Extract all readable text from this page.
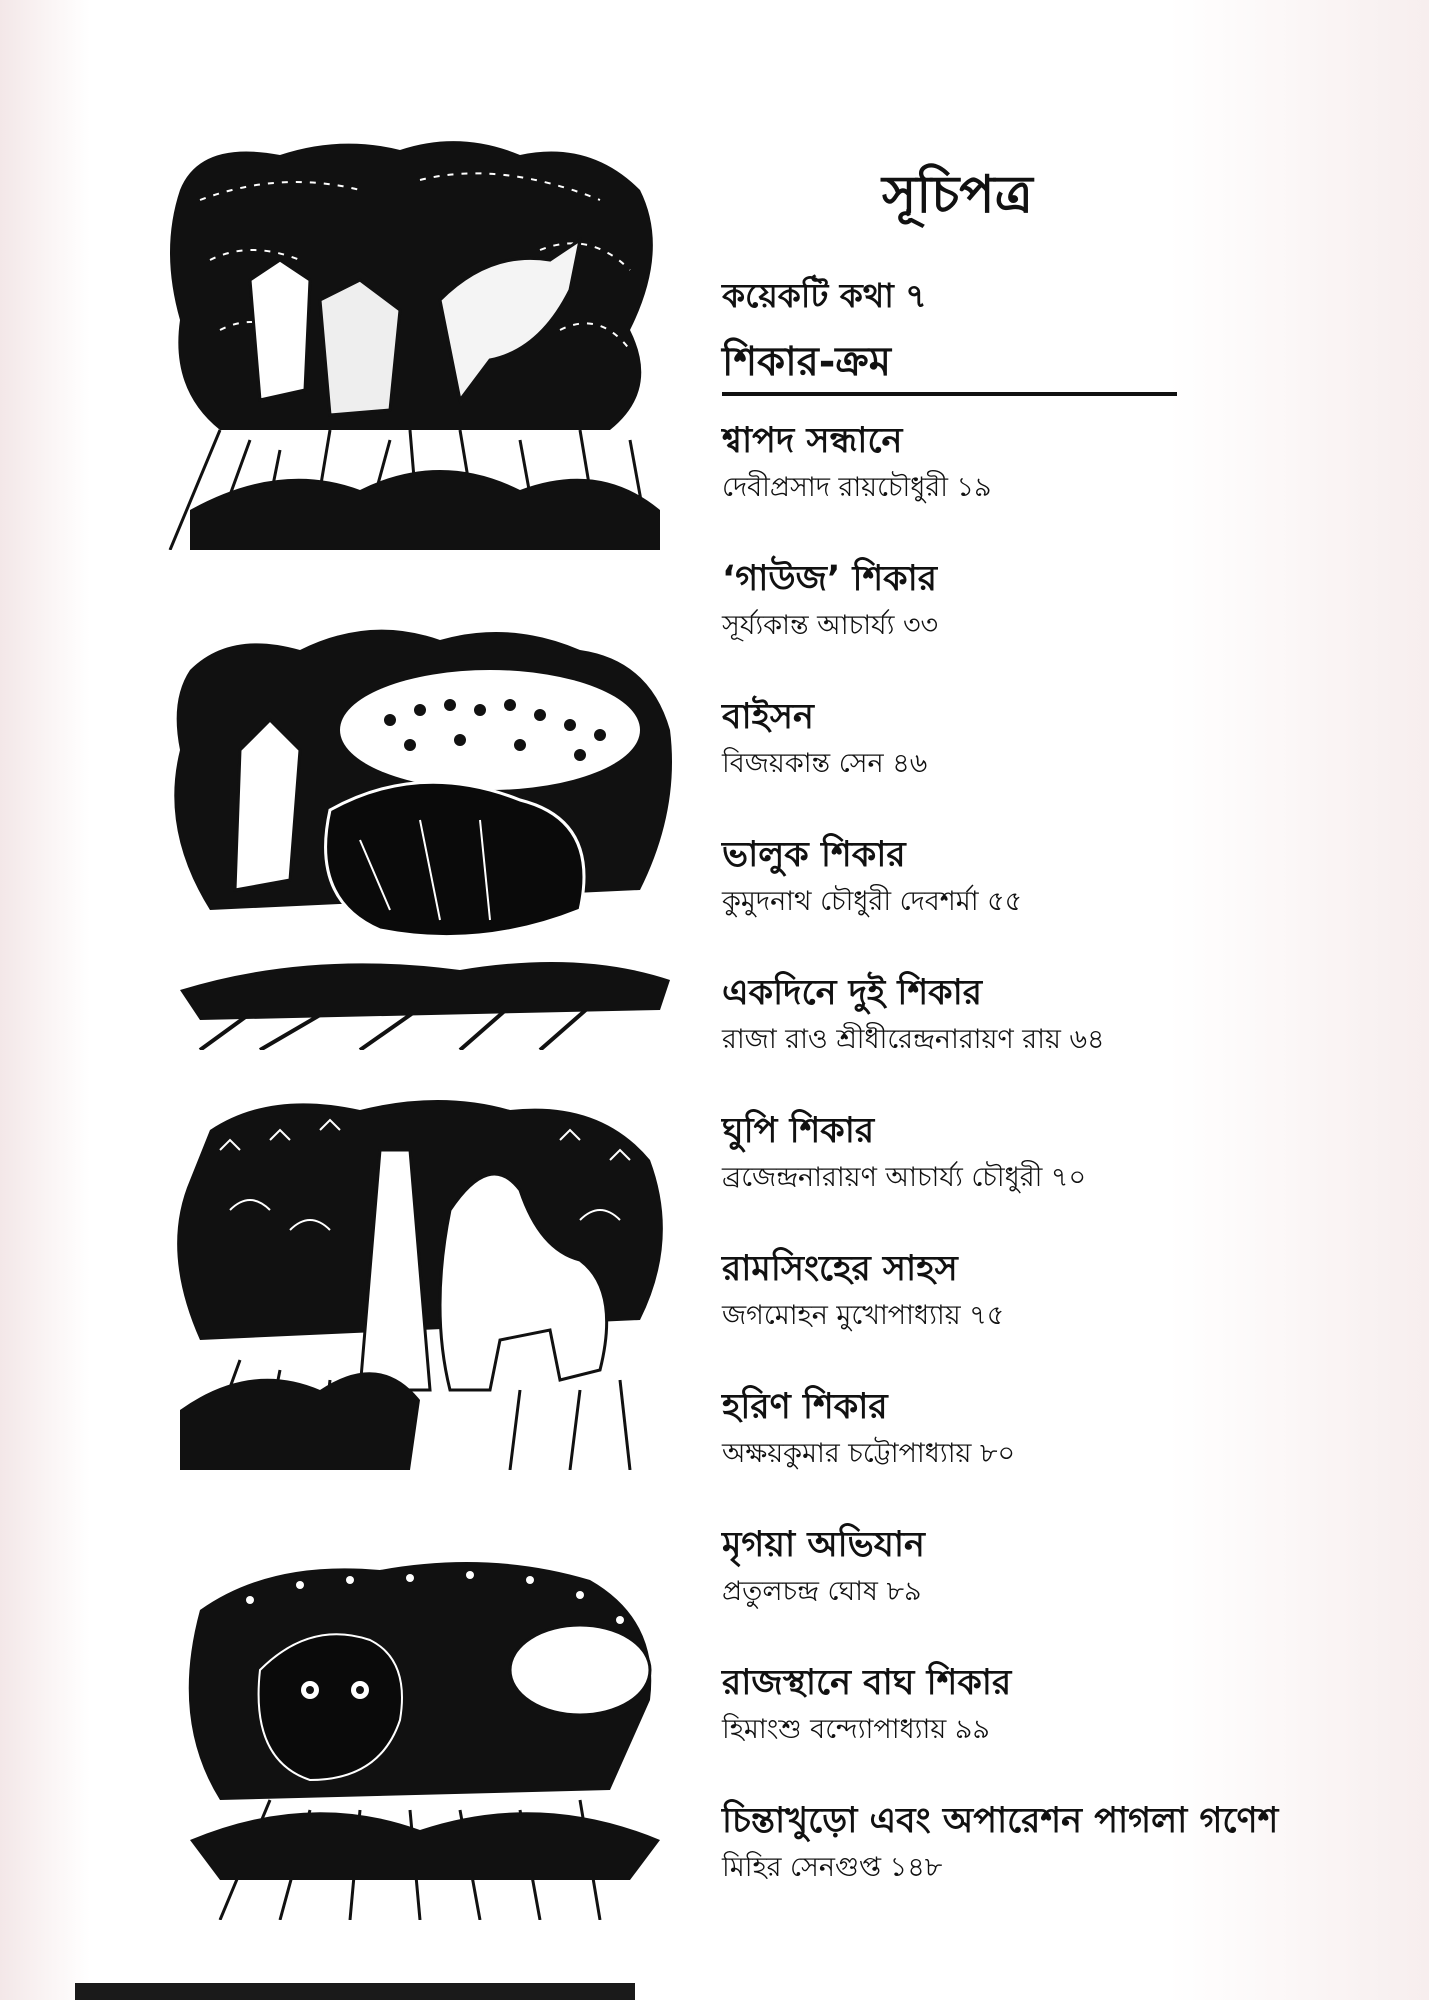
সূচিপত্র
কয়েকটি কথা ৭
শিকার-ক্রম
শ্বাপদ সন্ধানে
দেবীপ্রসাদ রায়চৌধুরী ১৯
‘গাউজ’ শিকার
সূর্য্যকান্ত আচার্য্য ৩৩
বাইসন
বিজয়কান্ত সেন ৪৬
ভালুক শিকার
কুমুদনাথ চৌধুরী দেবশর্মা ৫৫
একদিনে দুই শিকার
রাজা রাও শ্রীধীরেন্দ্রনারায়ণ রায় ৬৪
ঘুপি শিকার
ব্রজেন্দ্রনারায়ণ আচার্য্য চৌধুরী ৭০
রামসিংহের সাহস
জগমোহন মুখোপাধ্যায় ৭৫
হরিণ শিকার
অক্ষয়কুমার চট্টোপাধ্যায় ৮০
মৃগয়া অভিযান
প্রতুলচন্দ্র ঘোষ ৮৯
রাজস্থানে বাঘ শিকার
হিমাংশু বন্দ্যোপাধ্যায় ৯৯
চিন্তাখুড়ো এবং অপারেশন পাগলা গণেশ
মিহির সেনগুপ্ত ১৪৮
